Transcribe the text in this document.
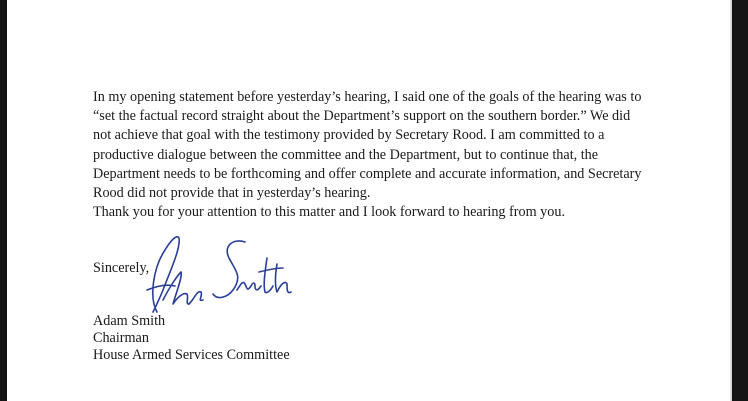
In my opening statement before yesterday’s hearing, I said one of the goals of the hearing was to
“set the factual record straight about the Department’s support on the southern border.” We did
not achieve that goal with the testimony provided by Secretary Rood. I am committed to a
productive dialogue between the committee and the Department, but to continue that, the
Department needs to be forthcoming and offer complete and accurate information, and Secretary
Rood did not provide that in yesterday’s hearing.

Thank you for your attention to this matter and I look forward to hearing from you.

Sincerely,

Adam Smith
Chairman
House Armed Services Committee
